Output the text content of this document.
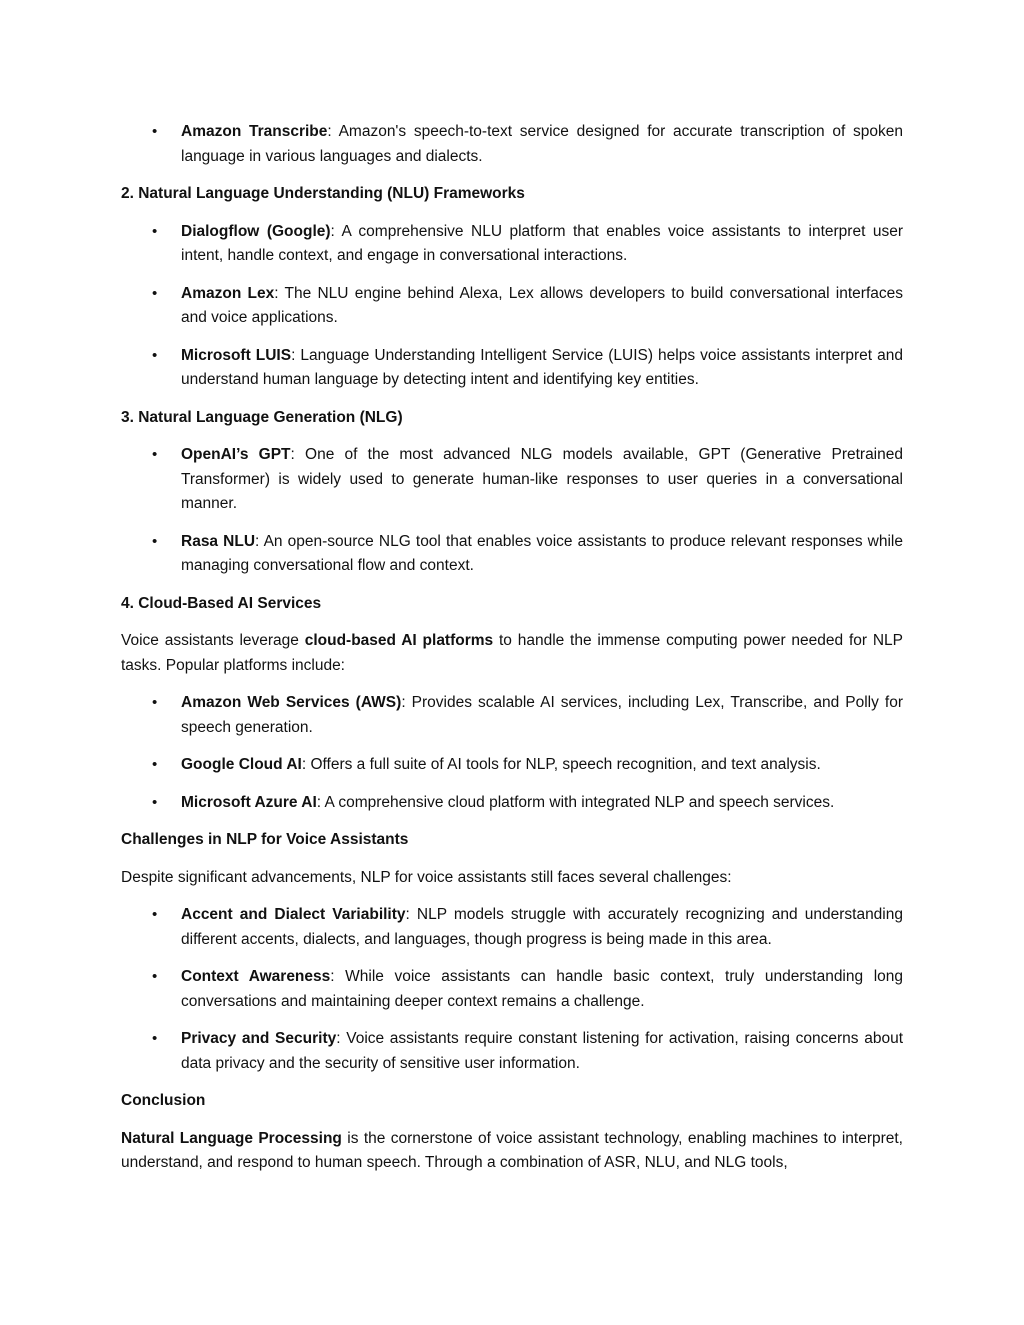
• Amazon Transcribe: Amazon's speech-to-text service designed for accurate transcription of spoken language in various languages and dialects.
2. Natural Language Understanding (NLU) Frameworks
• Dialogflow (Google): A comprehensive NLU platform that enables voice assistants to interpret user intent, handle context, and engage in conversational interactions.
• Amazon Lex: The NLU engine behind Alexa, Lex allows developers to build conversational interfaces and voice applications.
• Microsoft LUIS: Language Understanding Intelligent Service (LUIS) helps voice assistants interpret and understand human language by detecting intent and identifying key entities.
3. Natural Language Generation (NLG)
• OpenAI’s GPT: One of the most advanced NLG models available, GPT (Generative Pretrained Transformer) is widely used to generate human-like responses to user queries in a conversational manner.
• Rasa NLU: An open-source NLG tool that enables voice assistants to produce relevant responses while managing conversational flow and context.
4. Cloud-Based AI Services

Voice assistants leverage cloud-based AI platforms to handle the immense computing power needed for NLP tasks. Popular platforms include:

• Amazon Web Services (AWS): Provides scalable AI services, including Lex, Transcribe, and Polly for speech generation.
• Google Cloud AI: Offers a full suite of AI tools for NLP, speech recognition, and text analysis.
• Microsoft Azure AI: A comprehensive cloud platform with integrated NLP and speech services.
Challenges in NLP for Voice Assistants

Despite significant advancements, NLP for voice assistants still faces several challenges:

• Accent and Dialect Variability: NLP models struggle with accurately recognizing and understanding different accents, dialects, and languages, though progress is being made in this area.
• Context Awareness: While voice assistants can handle basic context, truly understanding long conversations and maintaining deeper context remains a challenge.
• Privacy and Security: Voice assistants require constant listening for activation, raising concerns about data privacy and the security of sensitive user information.
Conclusion

Natural Language Processing is the cornerstone of voice assistant technology, enabling machines to interpret, understand, and respond to human speech. Through a combination of ASR, NLU, and NLG tools,
